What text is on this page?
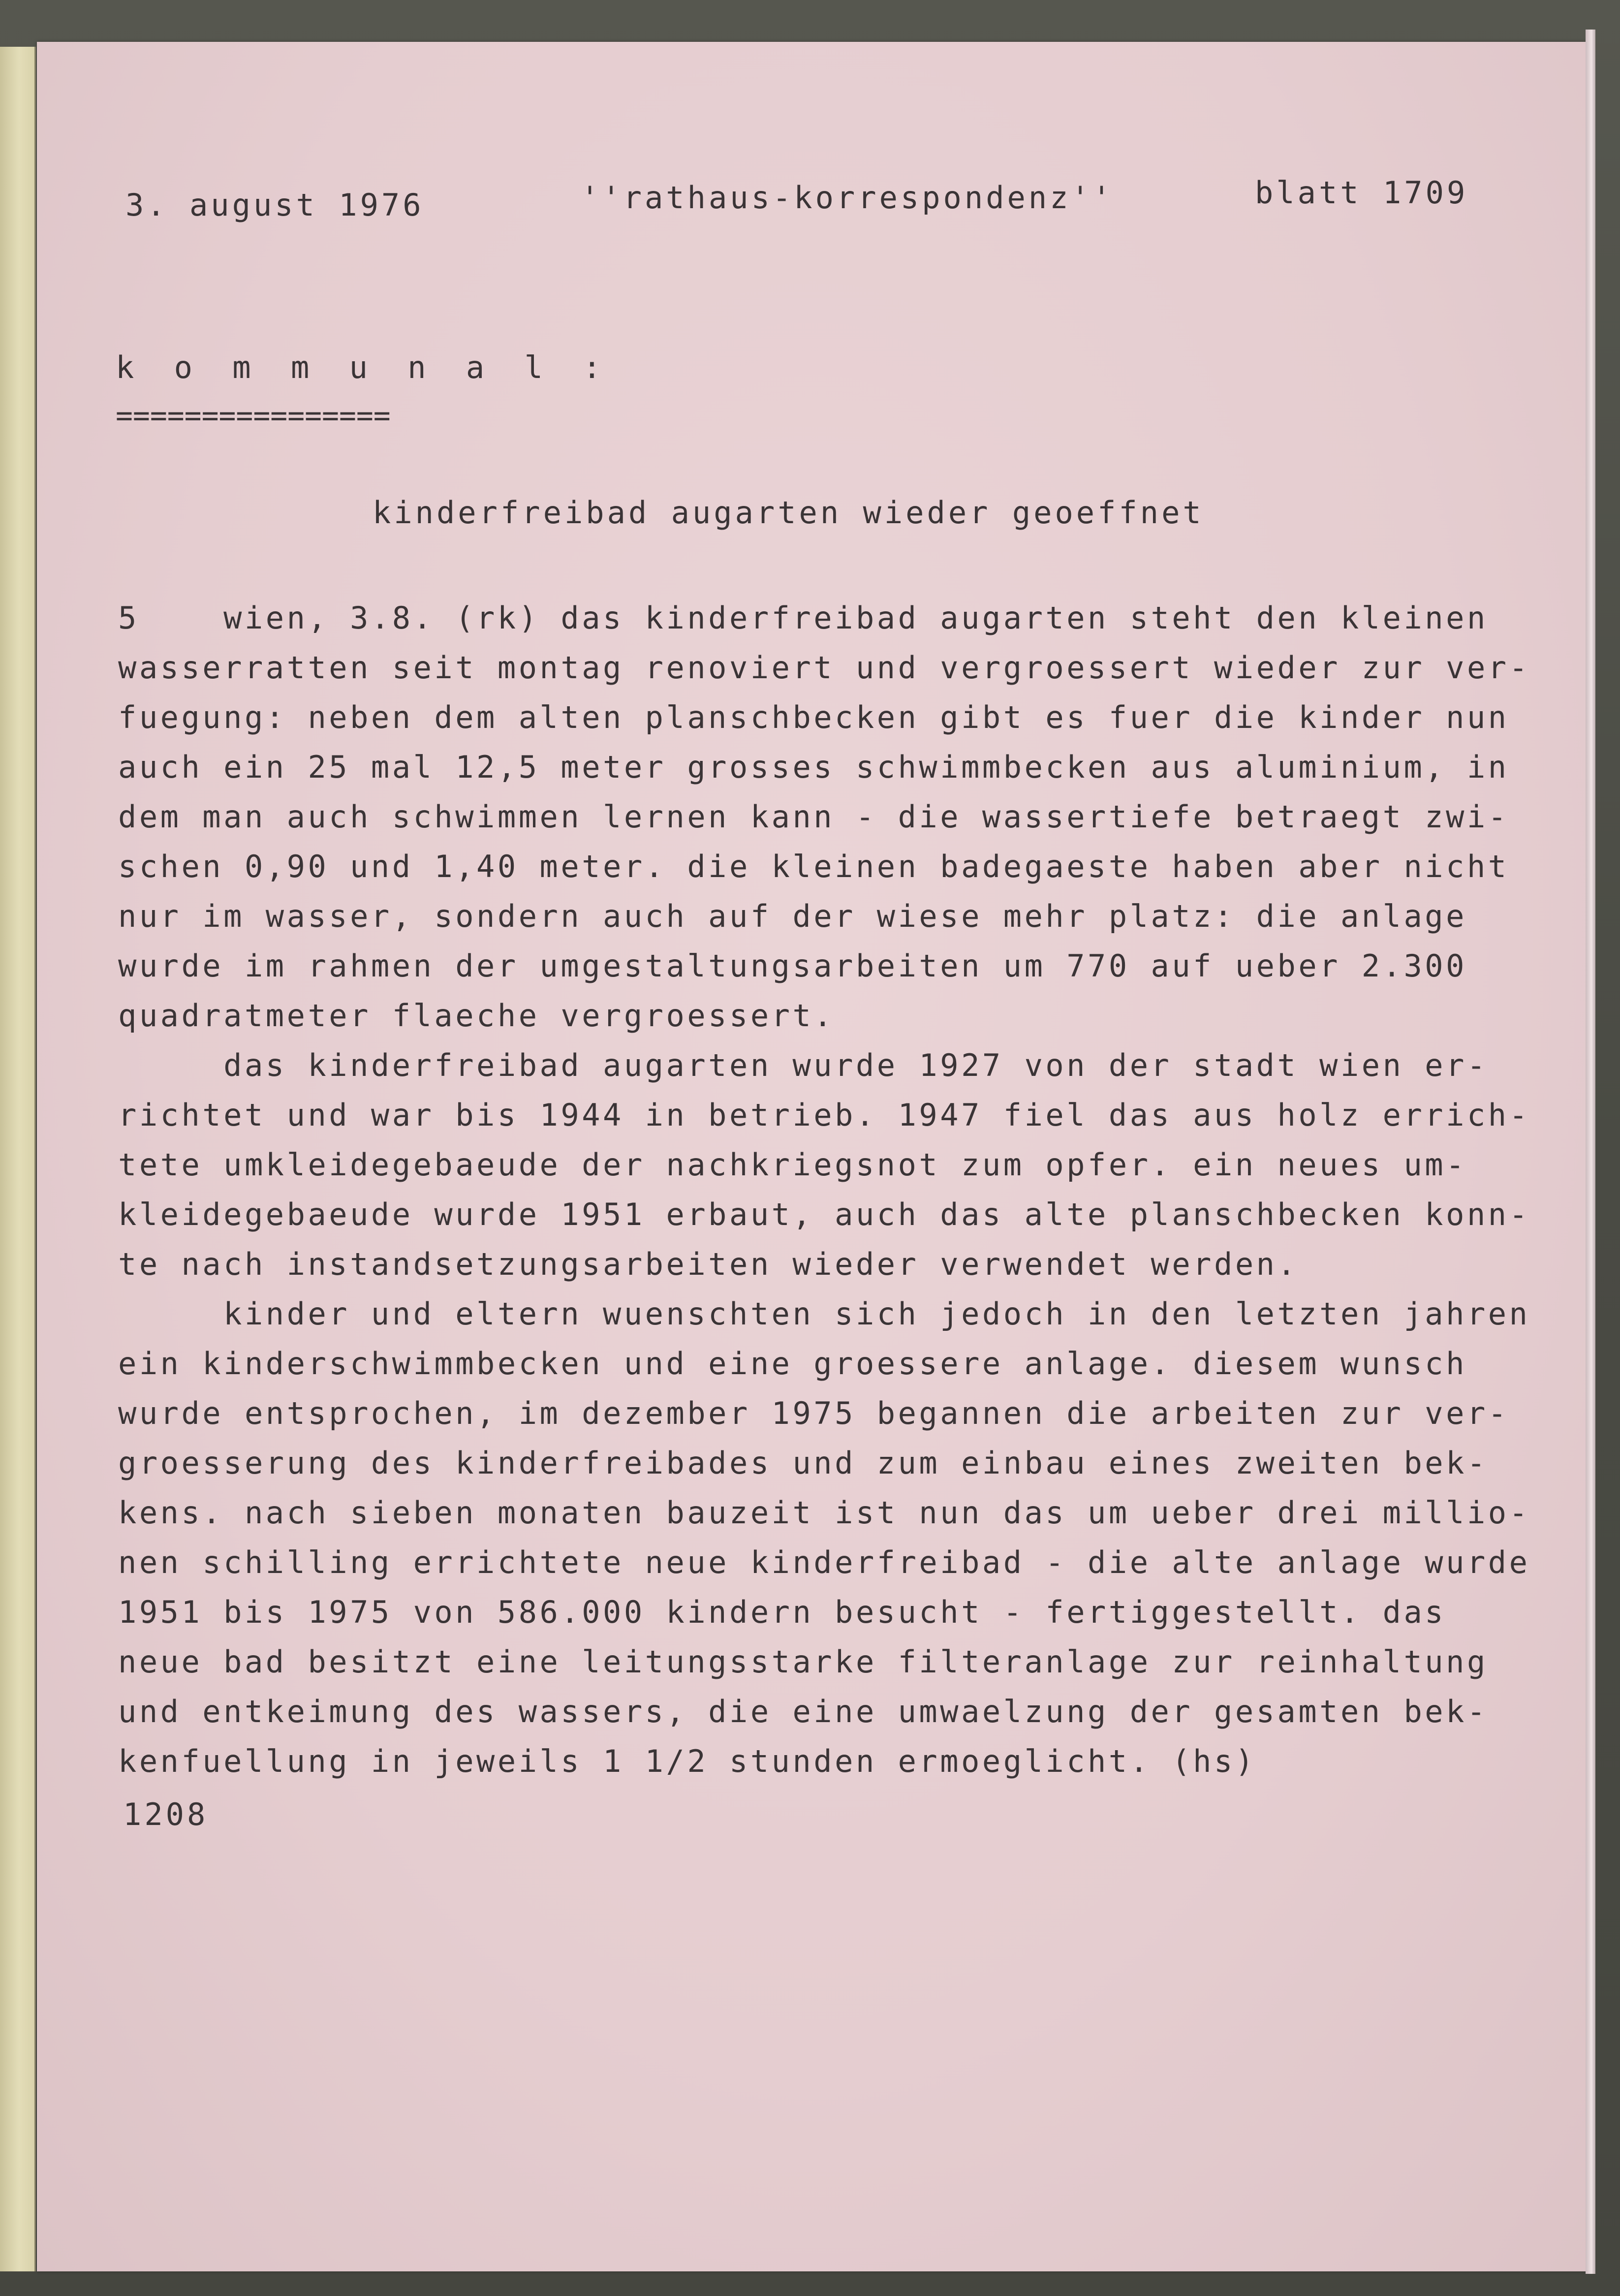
3. august 1976	''rathaus-korrespondenz''	blatt 1709

k o m m u n a l :

================

kinderfreibad augarten wieder geoeffnet

5    wien, 3.8. (rk) das kinderfreibad augarten steht den kleinen
wasserratten seit montag renoviert und vergroessert wieder zur ver-
fuegung: neben dem alten planschbecken gibt es fuer die kinder nun
auch ein 25 mal 12,5 meter grosses schwimmbecken aus aluminium, in
dem man auch schwimmen lernen kann - die wassertiefe betraegt zwi-
schen 0,90 und 1,40 meter. die kleinen badegaeste haben aber nicht
nur im wasser, sondern auch auf der wiese mehr platz: die anlage
wurde im rahmen der umgestaltungsarbeiten um 770 auf ueber 2.300
quadratmeter flaeche vergroessert.
das kinderfreibad augarten wurde 1927 von der stadt wien er-
richtet und war bis 1944 in betrieb. 1947 fiel das aus holz errich-
tete umkleidegebaeude der nachkriegsnot zum opfer. ein neues um-
kleidegebaeude wurde 1951 erbaut, auch das alte planschbecken konn-
te nach instandsetzungsarbeiten wieder verwendet werden.
kinder und eltern wuenschten sich jedoch in den letzten jahren
ein kinderschwimmbecken und eine groessere anlage. diesem wunsch
wurde entsprochen, im dezember 1975 begannen die arbeiten zur ver-
groesserung des kinderfreibades und zum einbau eines zweiten bek-
kens. nach sieben monaten bauzeit ist nun das um ueber drei millio-
nen schilling errichtete neue kinderfreibad - die alte anlage wurde
1951 bis 1975 von 586.000 kindern besucht - fertiggestellt. das
neue bad besitzt eine leitungsstarke filteranlage zur reinhaltung
und entkeimung des wassers, die eine umwaelzung der gesamten bek-
kenfuellung in jeweils 1 1/2 stunden ermoeglicht. (hs)

1208
